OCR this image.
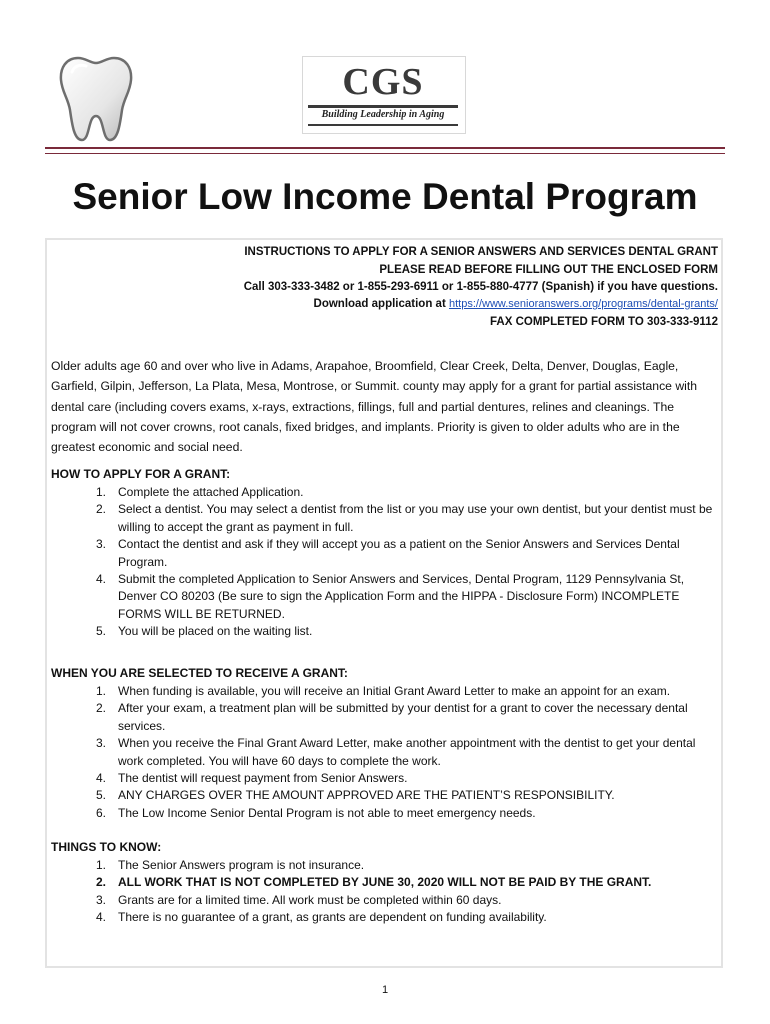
CGS
Building Leadership in Aging
Senior Low Income Dental Program
INSTRUCTIONS TO APPLY FOR A SENIOR ANSWERS AND SERVICES DENTAL GRANT
PLEASE READ BEFORE FILLING OUT THE ENCLOSED FORM
Call 303-333-3482 or 1-855-293-6911 or 1-855-880-4777 (Spanish) if you have questions.
Download application at https://www.senioranswers.org/programs/dental-grants/
FAX COMPLETED FORM TO 303-333-9112

Older adults age 60 and over who live in Adams, Arapahoe, Broomfield, Clear Creek, Delta, Denver, Douglas, Eagle, Garfield, Gilpin, Jefferson, La Plata, Mesa, Montrose, or Summit. county may apply for a grant for partial assistance with dental care (including covers exams, x-rays, extractions, fillings, full and partial dentures, relines and cleanings. The program will not cover crowns, root canals, fixed bridges, and implants. Priority is given to older adults who are in the greatest economic and social need.

HOW TO APPLY FOR A GRANT:
1. Complete the attached Application.
2. Select a dentist. You may select a dentist from the list or you may use your own dentist, but your dentist must be willing to accept the grant as payment in full.
3. Contact the dentist and ask if they will accept you as a patient on the Senior Answers and Services Dental Program.
4. Submit the completed Application to Senior Answers and Services, Dental Program, 1129 Pennsylvania St, Denver CO 80203 (Be sure to sign the Application Form and the HIPPA - Disclosure Form) INCOMPLETE FORMS WILL BE RETURNED.
5. You will be placed on the waiting list.
WHEN YOU ARE SELECTED TO RECEIVE A GRANT:
1. When funding is available, you will receive an Initial Grant Award Letter to make an appoint for an exam.
2. After your exam, a treatment plan will be submitted by your dentist for a grant to cover the necessary dental services.
3. When you receive the Final Grant Award Letter, make another appointment with the dentist to get your dental work completed. You will have 60 days to complete the work.
4. The dentist will request payment from Senior Answers.
5. ANY CHARGES OVER THE AMOUNT APPROVED ARE THE PATIENT’S RESPONSIBILITY.
6. The Low Income Senior Dental Program is not able to meet emergency needs.
THINGS TO KNOW:
1. The Senior Answers program is not insurance.
2. ALL WORK THAT IS NOT COMPLETED BY JUNE 30, 2020 WILL NOT BE PAID BY THE GRANT.
3. Grants are for a limited time. All work must be completed within 60 days.
4. There is no guarantee of a grant, as grants are dependent on funding availability.
1
